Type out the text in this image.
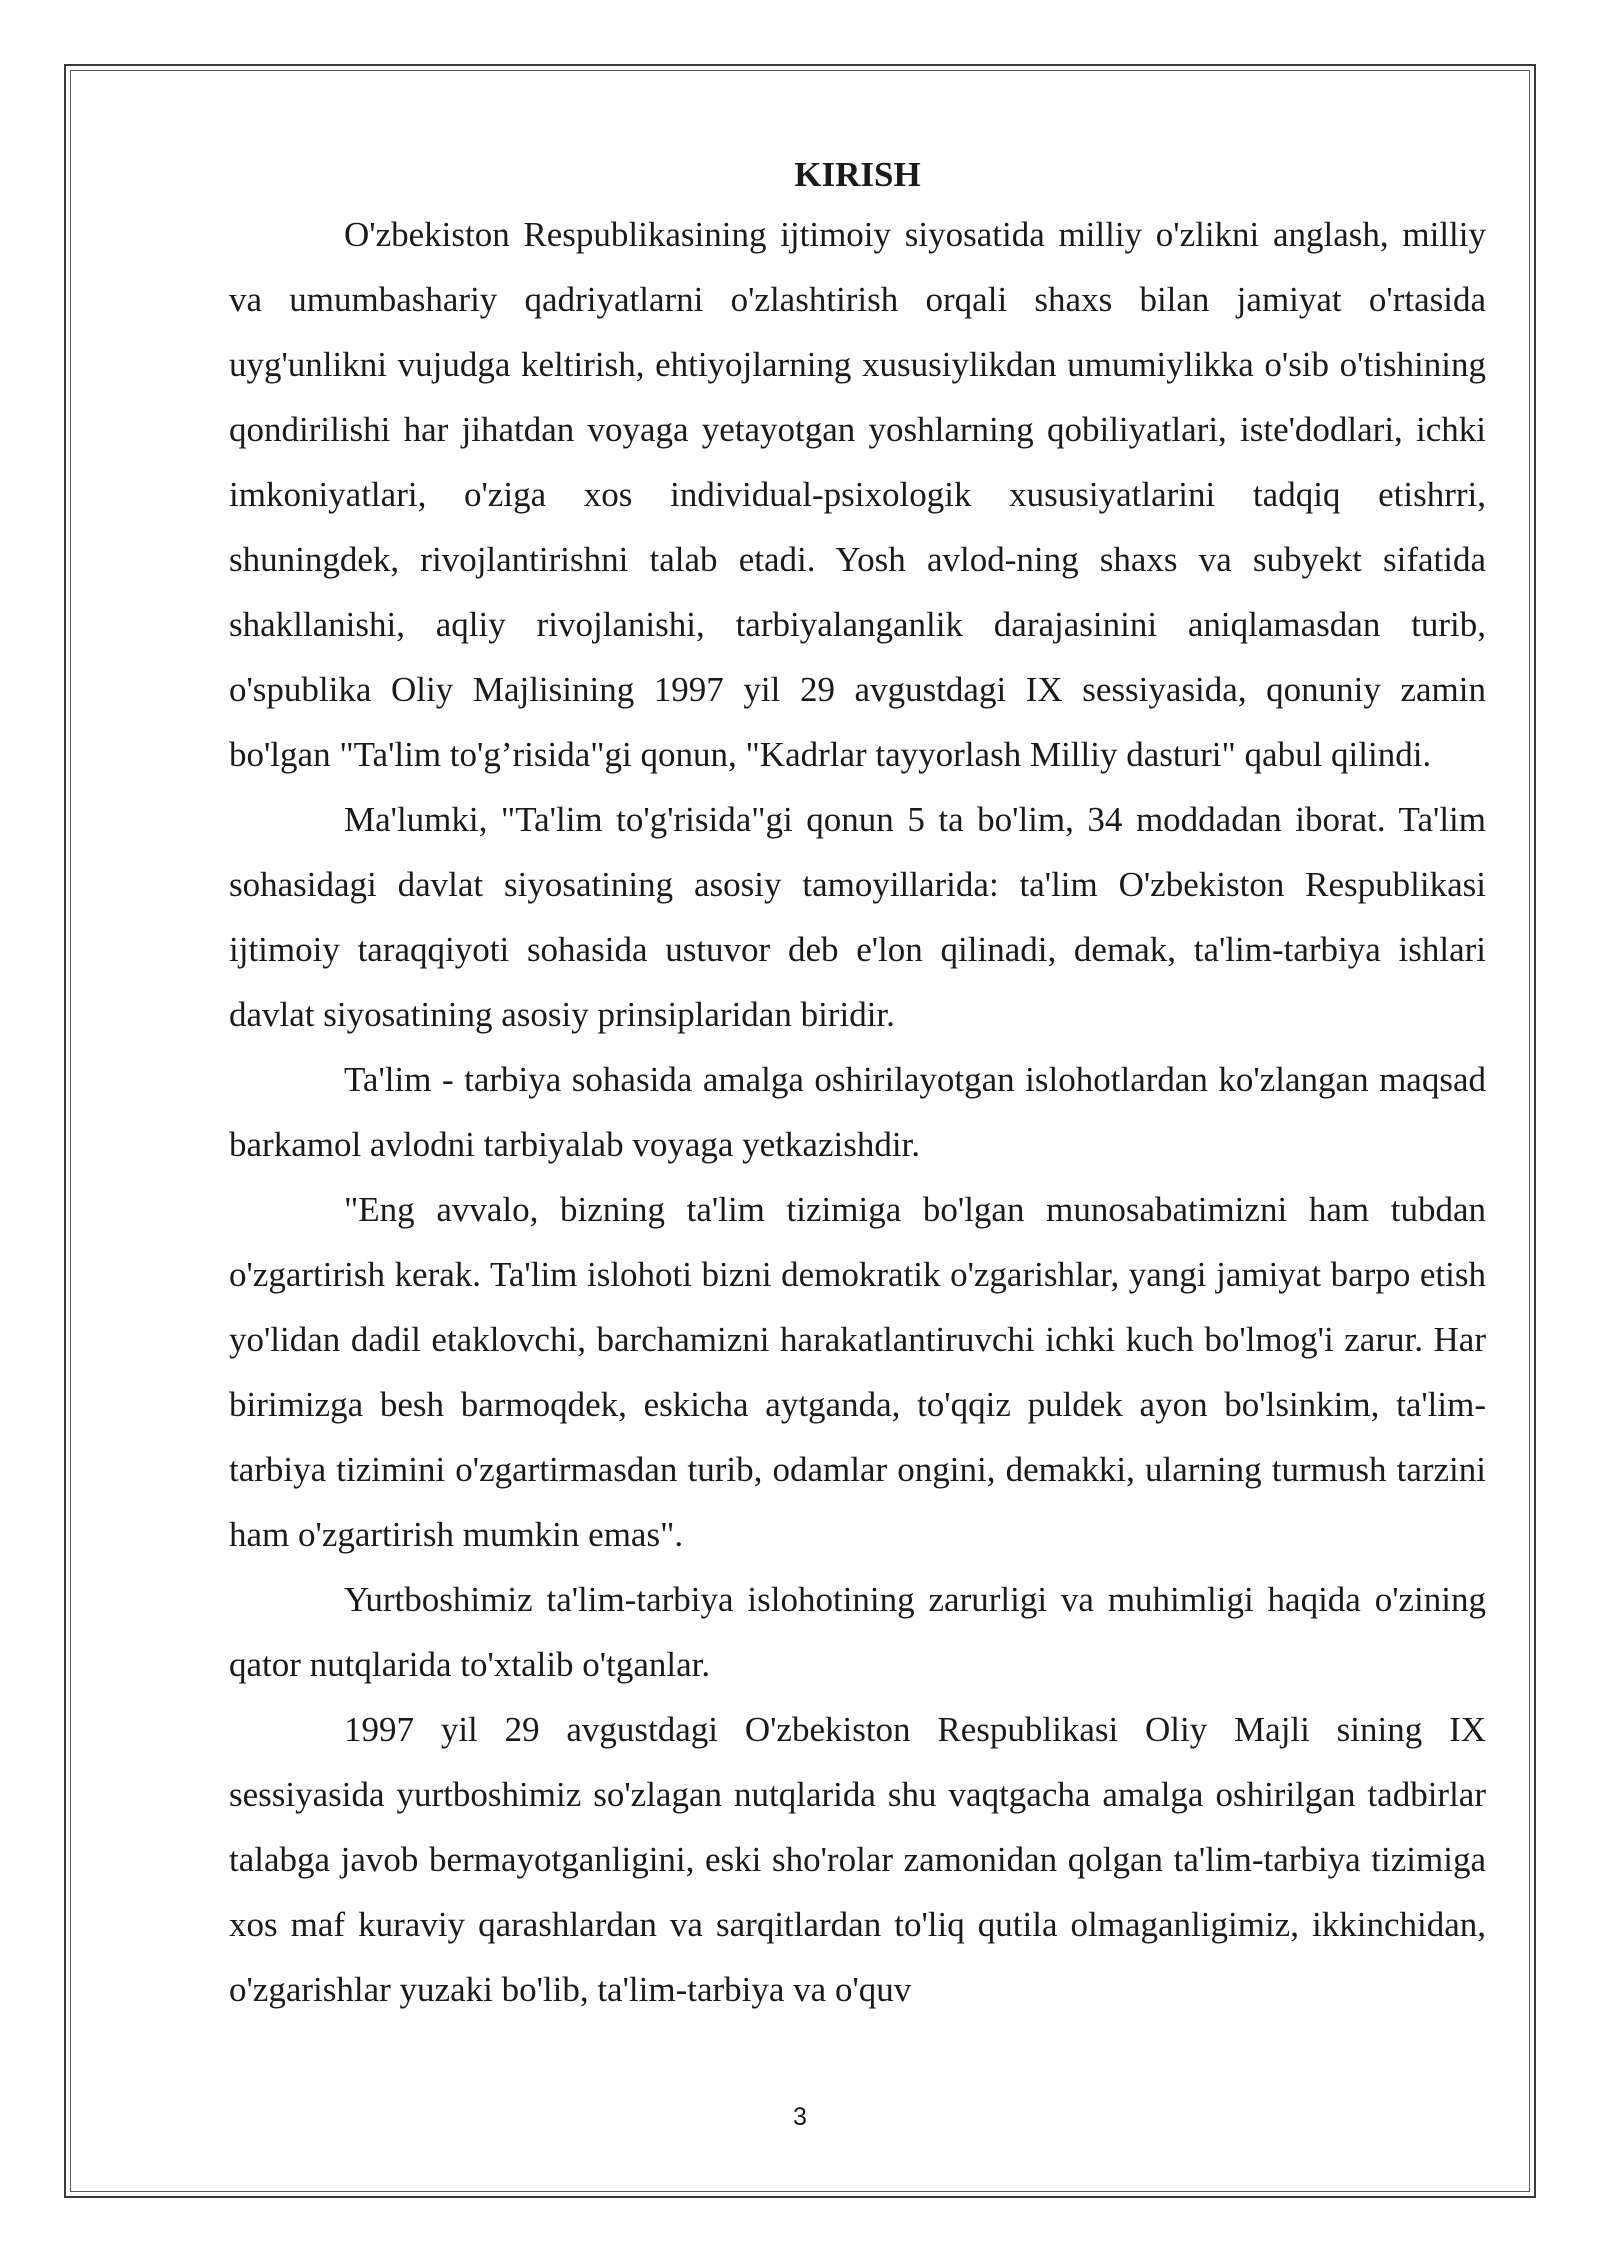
KIRISH

O'zbekiston Respublikasining ijtimoiy siyosatida milliy o'zlikni anglash, milliy va umumbashariy qadriyatlarni o'zlashtirish orqali shaxs bilan jamiyat o'rtasida uyg'unlikni vujudga keltirish, ehtiyojlarning xususiylikdan umumiylikka o'sib o'tishining qondirilishi har jihatdan voyaga yetayotgan yoshlarning qobiliyatlari, iste'dodlari, ichki imkoniyatlari, o'ziga xos individual-psixologik xususiyatlarini tadqiq etishrri, shuningdek, rivojlantirishni talab etadi. Yosh avlod-ning shaxs va subyekt sifatida shakllanishi, aqliy rivojlanishi, tarbiyalanganlik darajasinini aniqlamasdan turib, o'spublika Oliy Majlisining 1997 yil 29 avgustdagi IX sessiyasida, qonuniy zamin bo'lgan "Ta'lim to'g’risida"gi qonun, "Kadrlar tayyorlash Milliy dasturi" qabul qilindi.

Ma'lumki, "Ta'lim to'g'risida"gi qonun 5 ta bo'lim, 34 moddadan iborat. Ta'lim sohasidagi davlat siyosatining asosiy tamoyillarida: ta'lim O'zbekiston Respublikasi ijtimoiy taraqqiyoti sohasida ustuvor deb e'lon qilinadi, demak, ta'lim-tarbiya ishlari davlat siyosatining asosiy prinsiplaridan biridir.

Ta'lim - tarbiya sohasida amalga oshirilayotgan islohotlardan ko'zlangan maqsad barkamol avlodni tarbiyalab voyaga yetkazishdir.

"Eng avvalo, bizning ta'lim tizimiga bo'lgan munosabatimizni ham tubdan o'zgartirish kerak. Ta'lim islohoti bizni demokratik o'zgarishlar, yangi jamiyat barpo etish yo'lidan dadil etaklovchi, barchamizni harakatlantiruvchi ichki kuch bo'lmog'i zarur. Har birimizga besh barmoqdek, eskicha aytganda, to'qqiz puldek ayon bo'lsinkim, ta'lim-tarbiya tizimini o'zgartirmasdan turib, odamlar ongini, demakki, ularning turmush tarzini ham o'zgartirish mumkin emas".

Yurtboshimiz ta'lim-tarbiya islohotining zarurligi va muhimligi haqida o'zining qator nutqlarida to'xtalib o'tganlar.

1997 yil 29 avgustdagi O'zbekiston Respublikasi Oliy Majli sining IX sessiyasida yurtboshimiz so'zlagan nutqlarida shu vaqtgacha amalga oshirilgan tadbirlar talabga javob bermayotganligini, eski sho'rolar zamonidan qolgan ta'lim-tarbiya tizimiga xos maf kuraviy qarashlardan va sarqitlardan to'liq qutila olmaganligimiz, ikkinchidan, o'zgarishlar yuzaki bo'lib, ta'lim-tarbiya va o'quv

3
